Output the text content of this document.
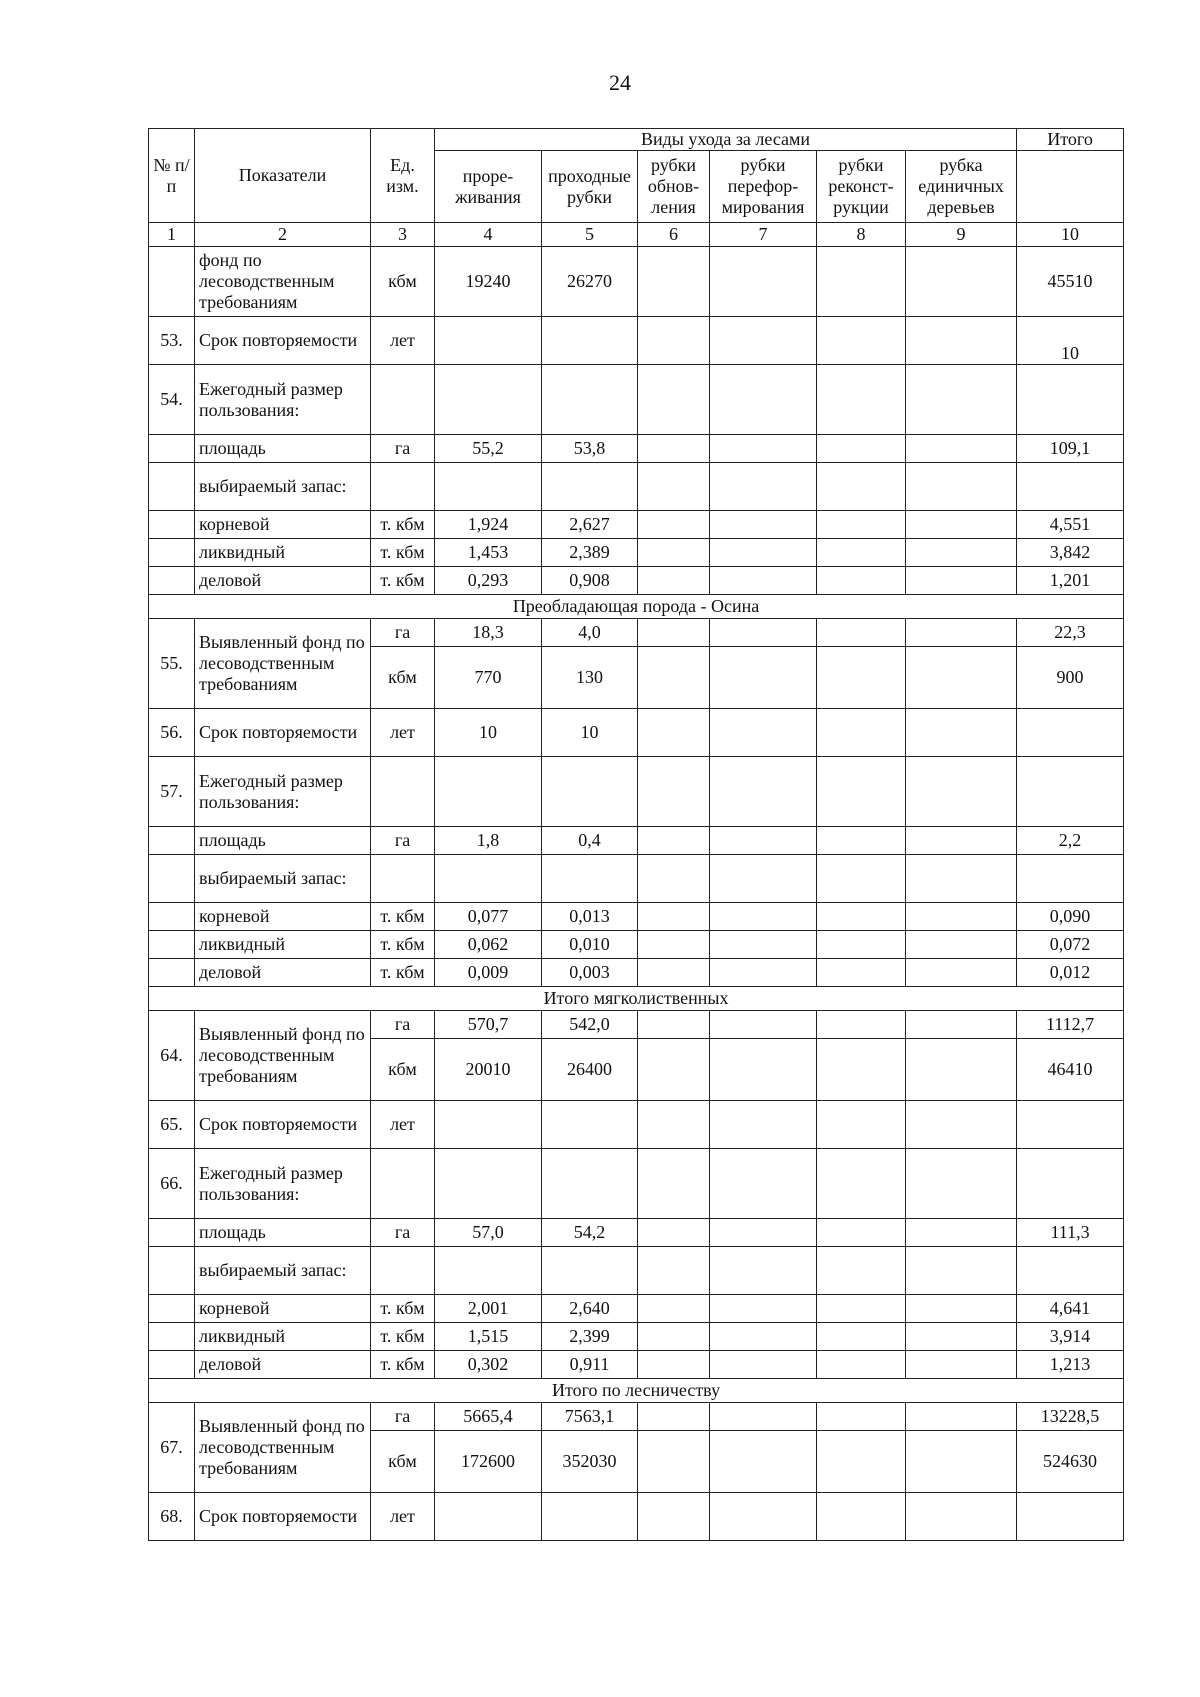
24
№ п/п	Показатели	Ед. изм.	Виды ухода за лесами						Итого
			проре-живания	проходные рубки	рубки обнов-ления	рубки перефор-мирования	рубки реконст-рукции	рубка единичных деревьев	
1	2	3	4	5	6	7	8	9	10
	фонд по лесоводственным требованиям	кбм	19240	26270					45510
53.	Срок повторяемости	лет							10
54.	Ежегодный размер пользования:								
	площадь	га	55,2	53,8					109,1
	выбираемый запас:								
	корневой	т. кбм	1,924	2,627					4,551
	ликвидный	т. кбм	1,453	2,389					3,842
	деловой	т. кбм	0,293	0,908					1,201
Преобладающая порода - Осина									
55.	Выявленный фонд по лесоводственным требованиям	га	18,3	4,0					22,3
		кбм	770	130					900
56.	Срок повторяемости	лет	10	10					
57.	Ежегодный размер пользования:								
	площадь	га	1,8	0,4					2,2
	выбираемый запас:								
	корневой	т. кбм	0,077	0,013					0,090
	ликвидный	т. кбм	0,062	0,010					0,072
	деловой	т. кбм	0,009	0,003					0,012
Итого мягколиственных									
64.	Выявленный фонд по лесоводственным требованиям	га	570,7	542,0					1112,7
		кбм	20010	26400					46410
65.	Срок повторяемости	лет							
66.	Ежегодный размер пользования:								
	площадь	га	57,0	54,2					111,3
	выбираемый запас:								
	корневой	т. кбм	2,001	2,640					4,641
	ликвидный	т. кбм	1,515	2,399					3,914
	деловой	т. кбм	0,302	0,911					1,213
Итого по лесничеству									
67.	Выявленный фонд по лесоводственным требованиям	га	5665,4	7563,1					13228,5
		кбм	172600	352030					524630
68.	Срок повторяемости	лет							
